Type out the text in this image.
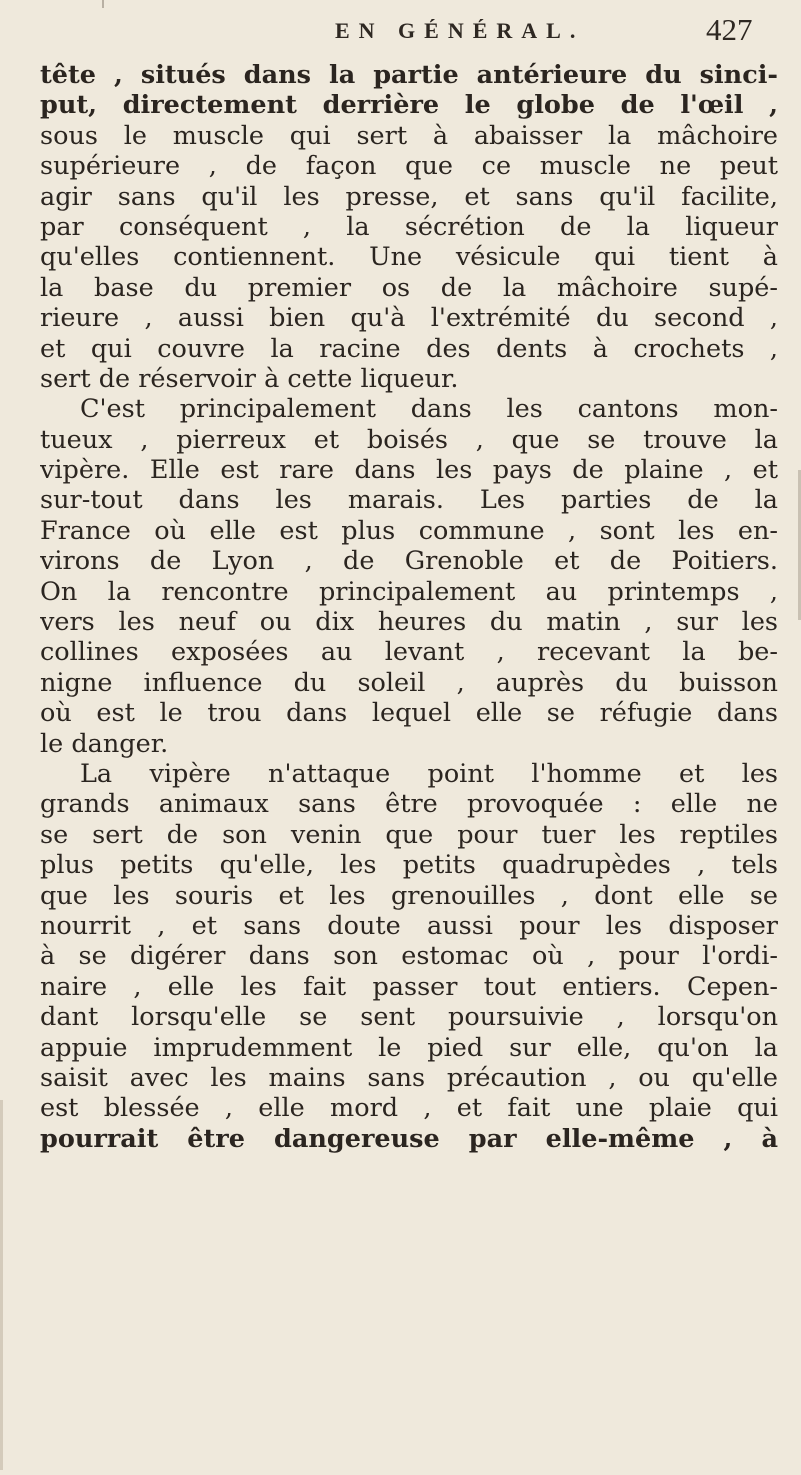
EN GÉNÉRAL.	427
tête , situés dans la partie antérieure du sinci-
put, directement derrière le globe de l'œil ,
sous le muscle qui sert à abaisser la mâchoire
supérieure , de façon que ce muscle ne peut
agir sans qu'il les presse, et sans qu'il facilite,
par conséquent , la sécrétion de la liqueur
qu'elles contiennent. Une vésicule qui tient à
la base du premier os de la mâchoire supé-
rieure , aussi bien qu'à l'extrémité du second ,
et qui couvre la racine des dents à crochets ,
sert de réservoir à cette liqueur.
C'est principalement dans les cantons mon-
tueux , pierreux et boisés , que se trouve la
vipère. Elle est rare dans les pays de plaine , et
sur-tout dans les marais. Les parties de la
France où elle est plus commune , sont les en-
virons de Lyon , de Grenoble et de Poitiers.
On la rencontre principalement au printemps ,
vers les neuf ou dix heures du matin , sur les
collines exposées au levant , recevant la be-
nigne influence du soleil , auprès du buisson
où est le trou dans lequel elle se réfugie dans
le danger.
La vipère n'attaque point l'homme et les
grands animaux sans être provoquée : elle ne
se sert de son venin que pour tuer les reptiles
plus petits qu'elle, les petits quadrupèdes , tels
que les souris et les grenouilles , dont elle se
nourrit , et sans doute aussi pour les disposer
à se digérer dans son estomac où , pour l'ordi-
naire , elle les fait passer tout entiers. Cepen-
dant lorsqu'elle se sent poursuivie , lorsqu'on
appuie imprudemment le pied sur elle, qu'on la
saisit avec les mains sans précaution , ou qu'elle
est blessée , elle mord , et fait une plaie qui
pourrait être dangereuse par elle-même , à
